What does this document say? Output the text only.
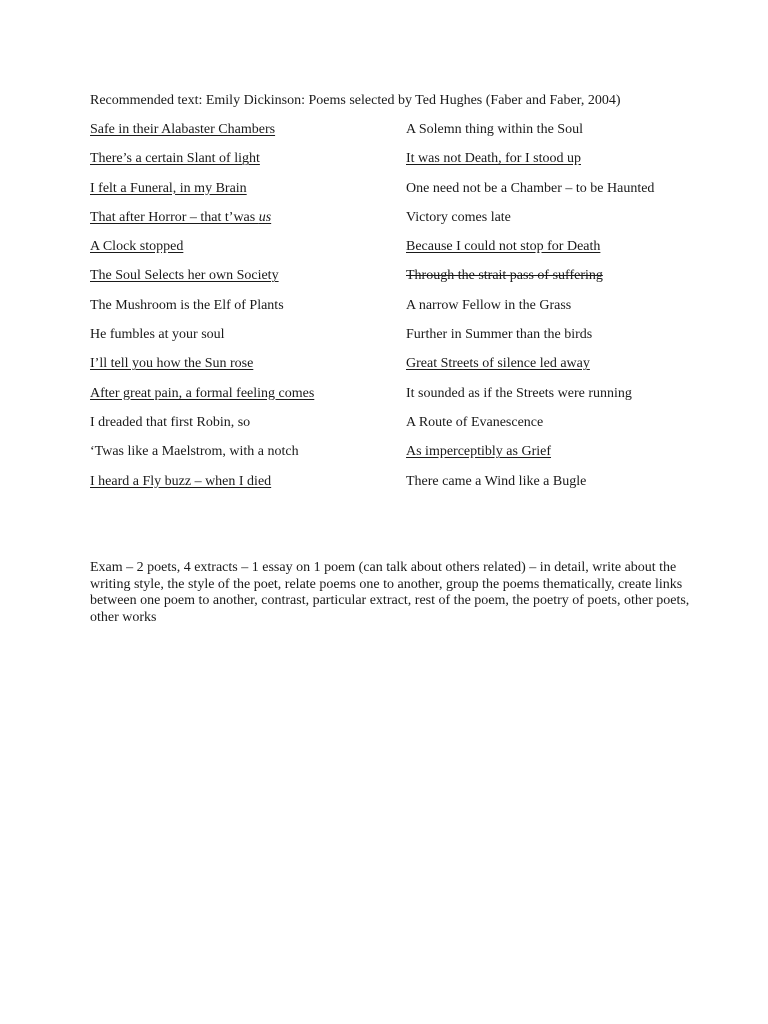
Recommended text: Emily Dickinson: Poems selected by Ted Hughes (Faber and Faber, 2004)
Safe in their Alabaster Chambers
There’s a certain Slant of light
I felt a Funeral, in my Brain
That after Horror – that t’was us
A Clock stopped
The Soul Selects her own Society
The Mushroom is the Elf of Plants
He fumbles at your soul
I’ll tell you how the Sun rose
After great pain, a formal feeling comes
I dreaded that first Robin, so
‘Twas like a Maelstrom, with a notch
I heard a Fly buzz – when I died
A Solemn thing within the Soul
It was not Death, for I stood up
One need not be a Chamber – to be Haunted
Victory comes late
Because I could not stop for Death
Through the strait pass of suffering
A narrow Fellow in the Grass
Further in Summer than the birds
Great Streets of silence led away
It sounded as if the Streets were running
A Route of Evanescence
As imperceptibly as Grief
There came a Wind like a Bugle

Exam – 2 poets, 4 extracts – 1 essay on 1 poem (can talk about others related) – in detail, write about the writing style, the style of the poet, relate poems one to another, group the poems thematically, create links between one poem to another, contrast, particular extract, rest of the poem, the poetry of poets, other poets, other works
